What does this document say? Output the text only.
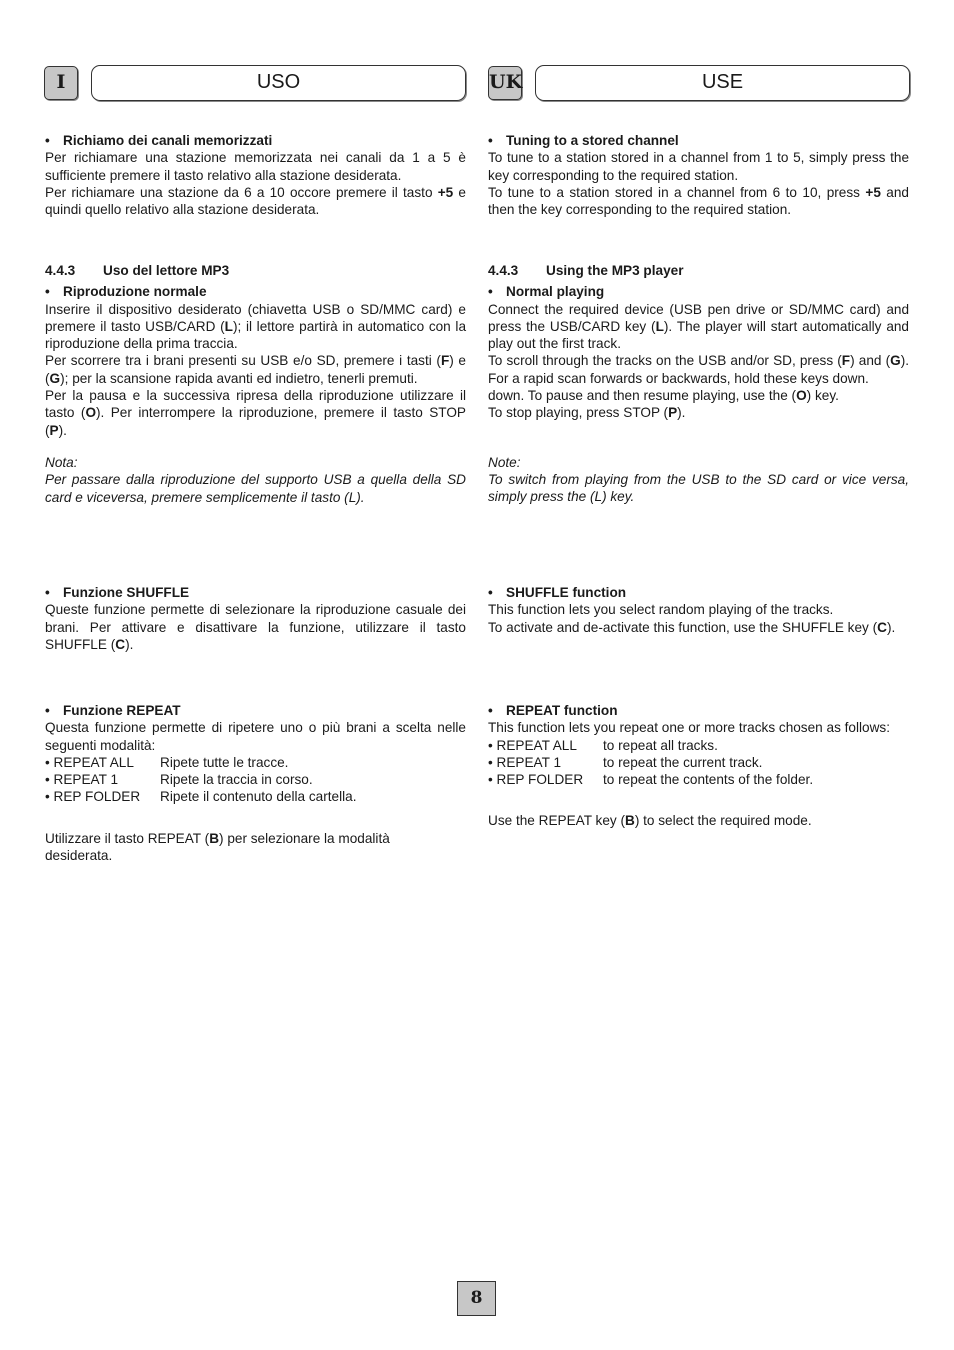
I	USO	UK	USE

• Richiamo dei canali memorizzati

Per richiamare una stazione memorizzata nei canali da 1 a 5 è sufficiente premere il tasto relativo alla stazione desiderata.

Per richiamare una stazione da 6 a 10 occore premere il tasto +5 e quindi quello relativo alla stazione desiderata.

4.4.3 Uso del lettore MP3

• Riproduzione normale

Inserire il dispositivo desiderato (chiavetta USB o SD/MMC card) e premere il tasto USB/CARD (L); il lettore partirà in automatico con la riproduzione della prima traccia.

Per scorrere tra i brani presenti su USB e/o SD, premere i tasti (F) e (G); per la scansione rapida avanti ed indietro, tenerli premuti.

Per la pausa e la successiva ripresa della riproduzione utilizzare il tasto (O). Per interrompere la riproduzione, premere il tasto STOP (P).

Nota:

Per passare dalla riproduzione del supporto USB a quella della SD card e viceversa, premere semplicemente il tasto (L).

• Funzione SHUFFLE

Queste funzione permette di selezionare la riproduzione casuale dei brani. Per attivare e disattivare la funzione, utilizzare il tasto SHUFFLE (C).

• Funzione REPEAT

Questa funzione permette di ripetere uno o più brani a scelta nelle seguenti modalità:

• REPEAT ALL	Ripete tutte le tracce.
• REPEAT 1	Ripete la traccia in corso.
• REP FOLDER	Ripete il contenuto della cartella.

Utilizzare il tasto REPEAT (B) per selezionare la modalità desiderata.

• Tuning to a stored channel

To tune to a station stored in a channel from 1 to 5, simply press the key corresponding to the required station.

To tune to a station stored in a channel from 6 to 10, press +5 and then the key corresponding to the required station.

4.4.3 Using the MP3 player

• Normal playing

Connect the required device (USB pen drive or SD/MMC card) and press the USB/CARD key (L). The player will start automatically and play out the first track.

To scroll through the tracks on the USB and/or SD, press (F) and (G). For a rapid scan forwards or backwards, hold these keys down.

down. To pause and then resume playing, use the (O) key.

To stop playing, press STOP (P).

Note:

To switch from playing from the USB to the SD card or vice versa, simply press the (L) key.

• SHUFFLE function

This function lets you select random playing of the tracks.

To activate and de-activate this function, use the SHUFFLE key (C).

• REPEAT function

This function lets you repeat one or more tracks chosen as follows:

• REPEAT ALL	to repeat all tracks.
• REPEAT 1	to repeat the current track.
• REP FOLDER	to repeat the contents of the folder.

Use the REPEAT key (B) to select the required mode.

8
